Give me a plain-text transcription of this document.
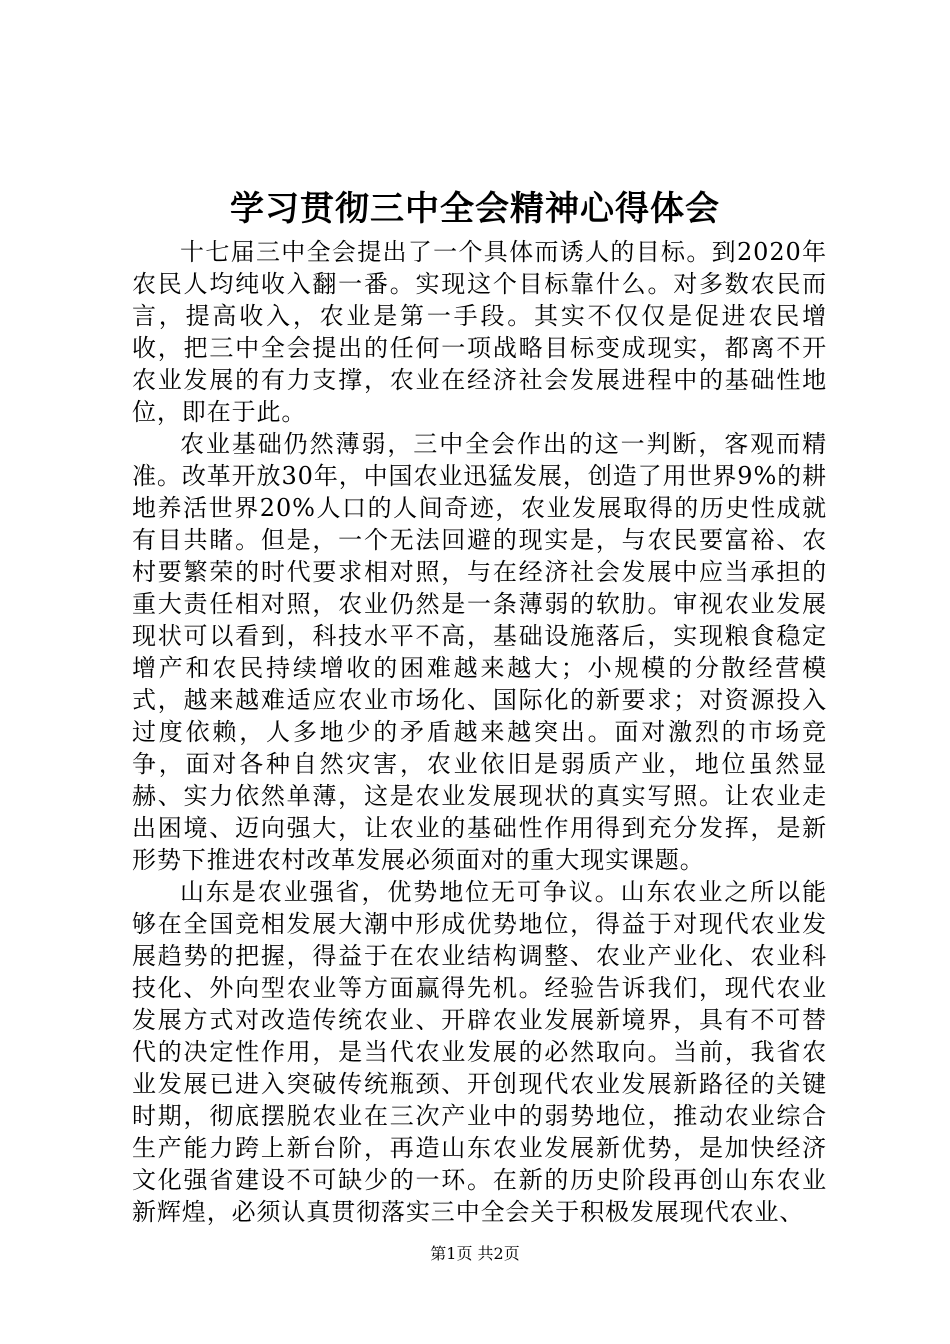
学习贯彻三中全会精神心得体会

十七届三中全会提出了一个具体而诱人的目标。到2020年农民人均纯收入翻一番。实现这个目标靠什么。对多数农民而言，提高收入，农业是第一手段。其实不仅仅是促进农民增收，把三中全会提出的任何一项战略目标变成现实，都离不开农业发展的有力支撑，农业在经济社会发展进程中的基础性地位，即在于此。

农业基础仍然薄弱，三中全会作出的这一判断，客观而精准。改革开放30年，中国农业迅猛发展，创造了用世界9%的耕地养活世界20%人口的人间奇迹，农业发展取得的历史性成就有目共睹。但是，一个无法回避的现实是，与农民要富裕、农村要繁荣的时代要求相对照，与在经济社会发展中应当承担的重大责任相对照，农业仍然是一条薄弱的软肋。审视农业发展现状可以看到，科技水平不高，基础设施落后，实现粮食稳定增产和农民持续增收的困难越来越大；小规模的分散经营模式，越来越难适应农业市场化、国际化的新要求；对资源投入过度依赖，人多地少的矛盾越来越突出。面对激烈的市场竞争，面对各种自然灾害，农业依旧是弱质产业，地位虽然显赫、实力依然单薄，这是农业发展现状的真实写照。让农业走出困境、迈向强大，让农业的基础性作用得到充分发挥，是新形势下推进农村改革发展必须面对的重大现实课题。

山东是农业强省，优势地位无可争议。山东农业之所以能够在全国竞相发展大潮中形成优势地位，得益于对现代农业发展趋势的把握，得益于在农业结构调整、农业产业化、农业科技化、外向型农业等方面赢得先机。经验告诉我们，现代农业发展方式对改造传统农业、开辟农业发展新境界，具有不可替代的决定性作用，是当代农业发展的必然取向。当前，我省农业发展已进入突破传统瓶颈、开创现代农业发展新路径的关键时期，彻底摆脱农业在三次产业中的弱势地位，推动农业综合生产能力跨上新台阶，再造山东农业发展新优势，是加快经济文化强省建设不可缺少的一环。在新的历史阶段再创山东农业新辉煌，必须认真贯彻落实三中全会关于积极发展现代农业、

第1页 共2页
